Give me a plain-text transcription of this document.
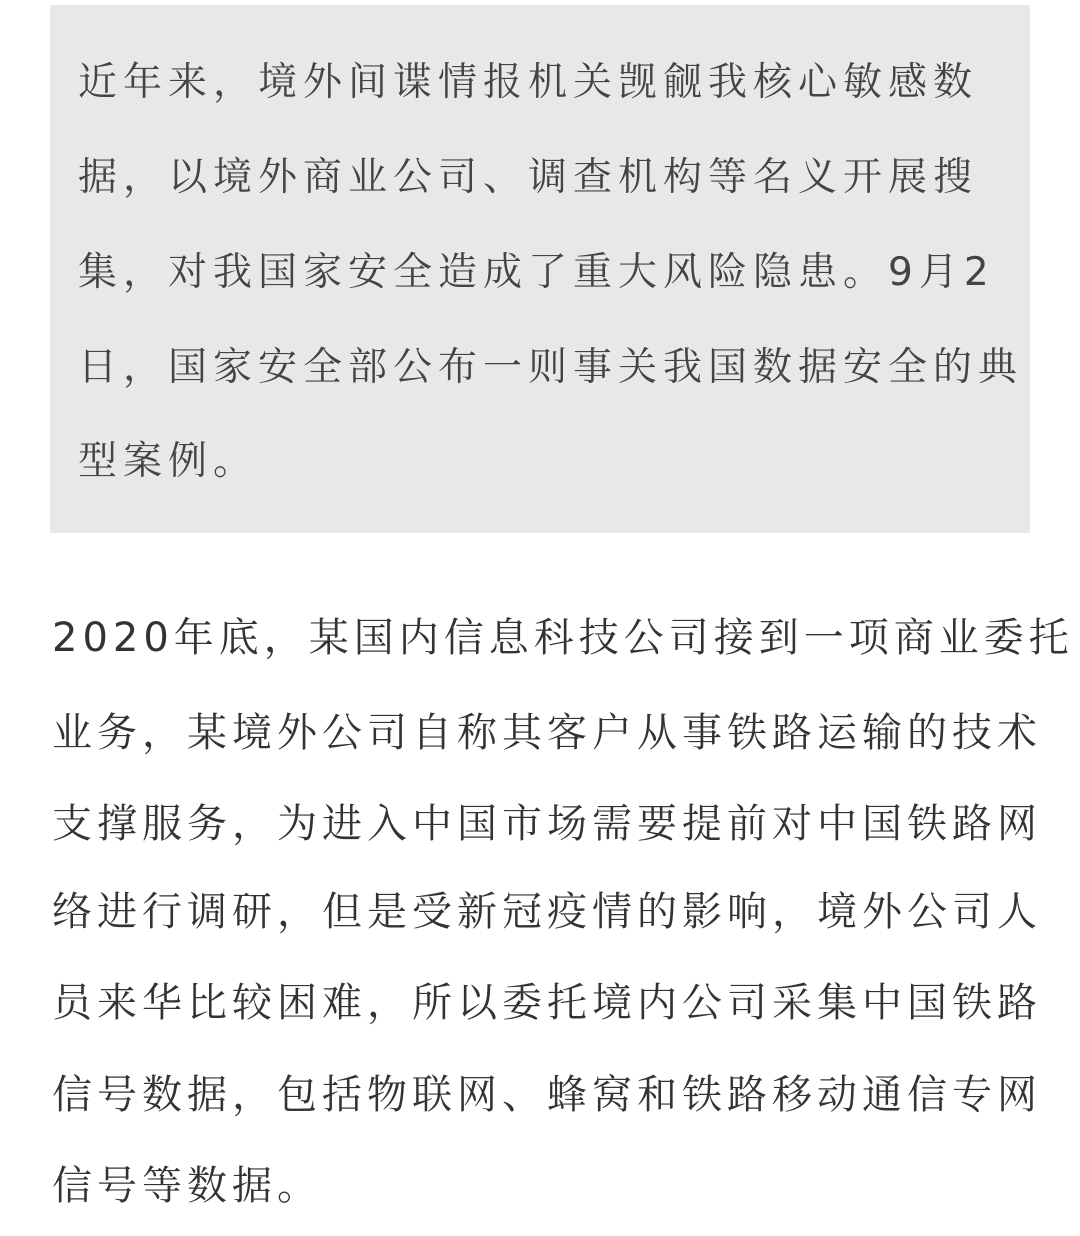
近年来，境外间谍情报机关觊觎我核心敏感数
据，以境外商业公司、调查机构等名义开展搜
集，对我国家安全造成了重大风险隐患。9月2
日，国家安全部公布一则事关我国数据安全的典
型案例。
2020年底，某国内信息科技公司接到一项商业委托
业务，某境外公司自称其客户从事铁路运输的技术
支撑服务，为进入中国市场需要提前对中国铁路网
络进行调研，但是受新冠疫情的影响，境外公司人
员来华比较困难，所以委托境内公司采集中国铁路
信号数据，包括物联网、蜂窝和铁路移动通信专网
信号等数据。
